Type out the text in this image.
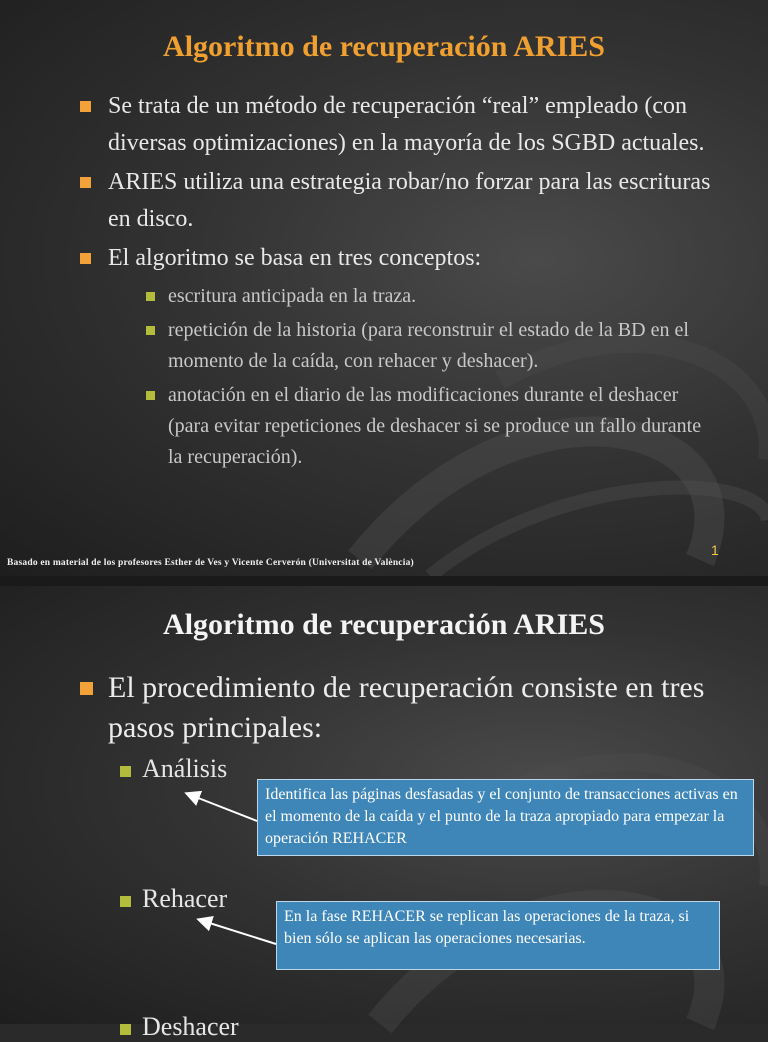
Algoritmo de recuperación ARIES
Se trata de un método de recuperación “real” empleado (con diversas optimizaciones) en la mayoría de los SGBD actuales.
ARIES utiliza una estrategia robar/no forzar para las escrituras en disco.
El algoritmo se basa en tres conceptos:
escritura anticipada en la traza.
repetición de la historia (para reconstruir el estado de la BD en el momento de la caída, con rehacer y deshacer).
anotación en el diario de las modificaciones durante el deshacer (para evitar repeticiones de deshacer si se produce un fallo durante la recuperación).
Basado en material de los profesores Esther de Ves y Vicente Cerverón (Universitat de València)
1
Algoritmo de recuperación ARIES
El procedimiento de recuperación consiste en tres pasos principales:
Análisis
Rehacer
Deshacer
Identifica las páginas desfasadas y el conjunto de transacciones activas en el momento de la caída y el punto de la traza apropiado para empezar la operación REHACER
En la fase REHACER se replican las operaciones de la traza, si bien sólo se aplican las operaciones necesarias.
